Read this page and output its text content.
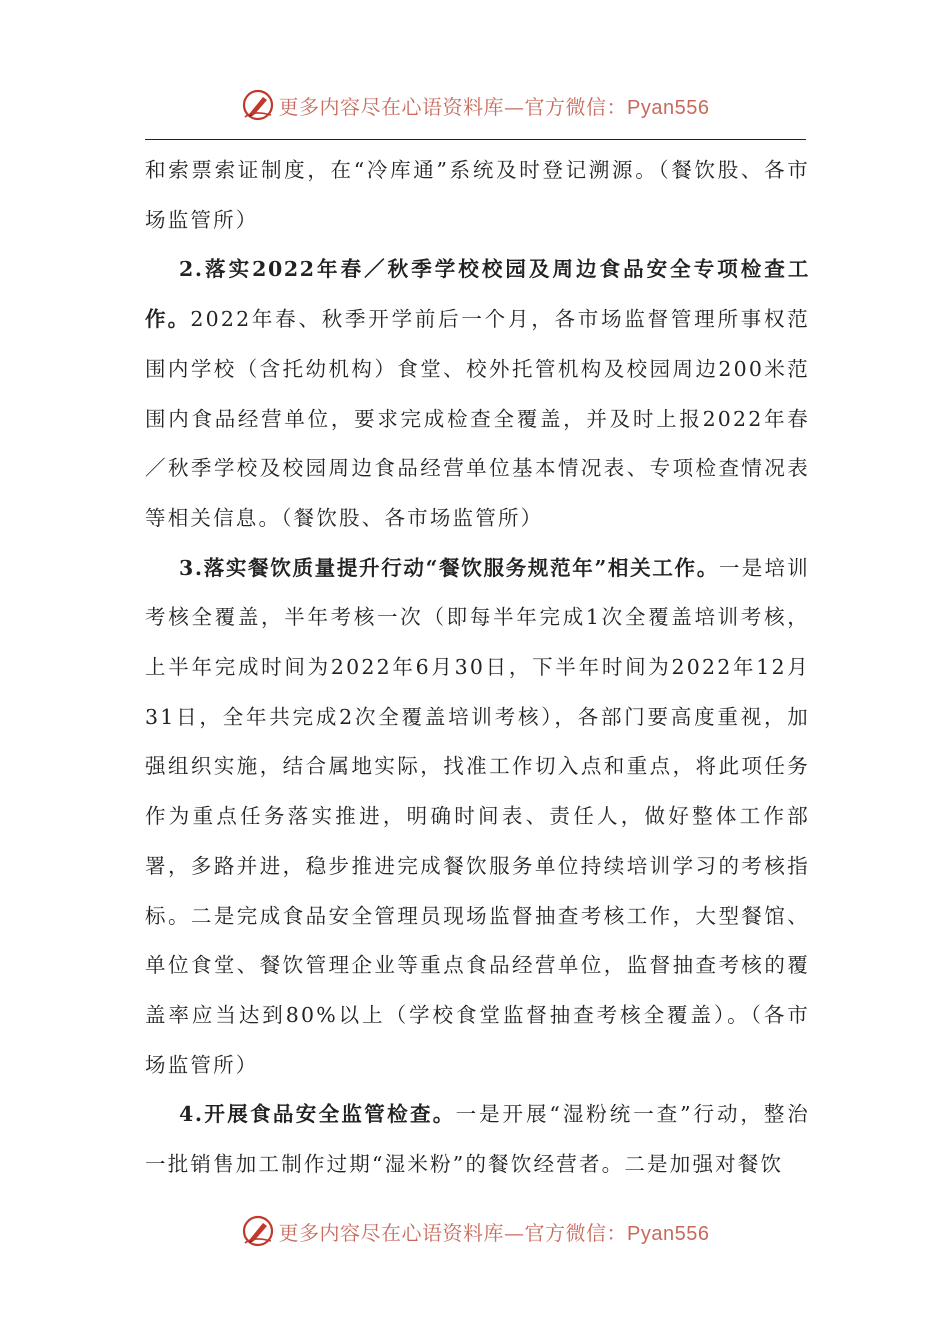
更多内容尽在心语资料库—官方微信：Pyan556

和索票索证制度，在“冷库通”系统及时登记溯源。（餐饮股、各市场监管所）

2.落实2022年春／秋季学校校园及周边食品安全专项检查工作。2022年春、秋季开学前后一个月，各市场监督管理所事权范围内学校（含托幼机构）食堂、校外托管机构及校园周边200米范围内食品经营单位，要求完成检查全覆盖，并及时上报2022年春／秋季学校及校园周边食品经营单位基本情况表、专项检查情况表等相关信息。（餐饮股、各市场监管所）

3.落实餐饮质量提升行动“餐饮服务规范年”相关工作。一是培训考核全覆盖，半年考核一次（即每半年完成1次全覆盖培训考核，上半年完成时间为2022年6月30日，下半年时间为2022年12月31日，全年共完成2次全覆盖培训考核），各部门要高度重视，加强组织实施，结合属地实际，找准工作切入点和重点，将此项任务作为重点任务落实推进，明确时间表、责任人，做好整体工作部署，多路并进，稳步推进完成餐饮服务单位持续培训学习的考核指标。二是完成食品安全管理员现场监督抽查考核工作，大型餐馆、单位食堂、餐饮管理企业等重点食品经营单位，监督抽查考核的覆盖率应当达到80%以上（学校食堂监督抽查考核全覆盖）。（各市场监管所）

4.开展食品安全监管检查。一是开展“湿粉统一查”行动，整治一批销售加工制作过期“湿米粉”的餐饮经营者。二是加强对餐饮

更多内容尽在心语资料库—官方微信：Pyan556
